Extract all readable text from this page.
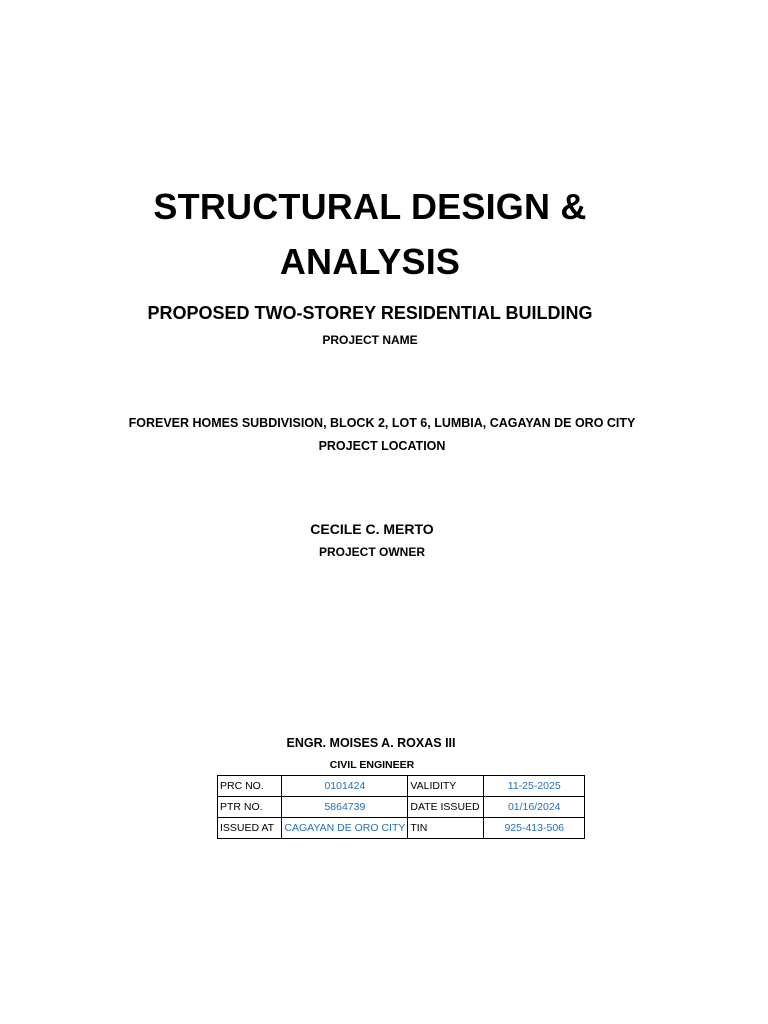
STRUCTURAL DESIGN &
ANALYSIS
PROPOSED TWO-STOREY RESIDENTIAL BUILDING
PROJECT NAME
FOREVER HOMES SUBDIVISION, BLOCK 2, LOT 6, LUMBIA, CAGAYAN DE ORO CITY
PROJECT LOCATION
CECILE C. MERTO
PROJECT OWNER
ENGR. MOISES A. ROXAS III
CIVIL ENGINEER
PRC NO.	0101424	VALIDITY	11-25-2025
PTR NO.	5864739	DATE ISSUED	01/16/2024
ISSUED AT	CAGAYAN DE ORO CITY	TIN	925-413-506
